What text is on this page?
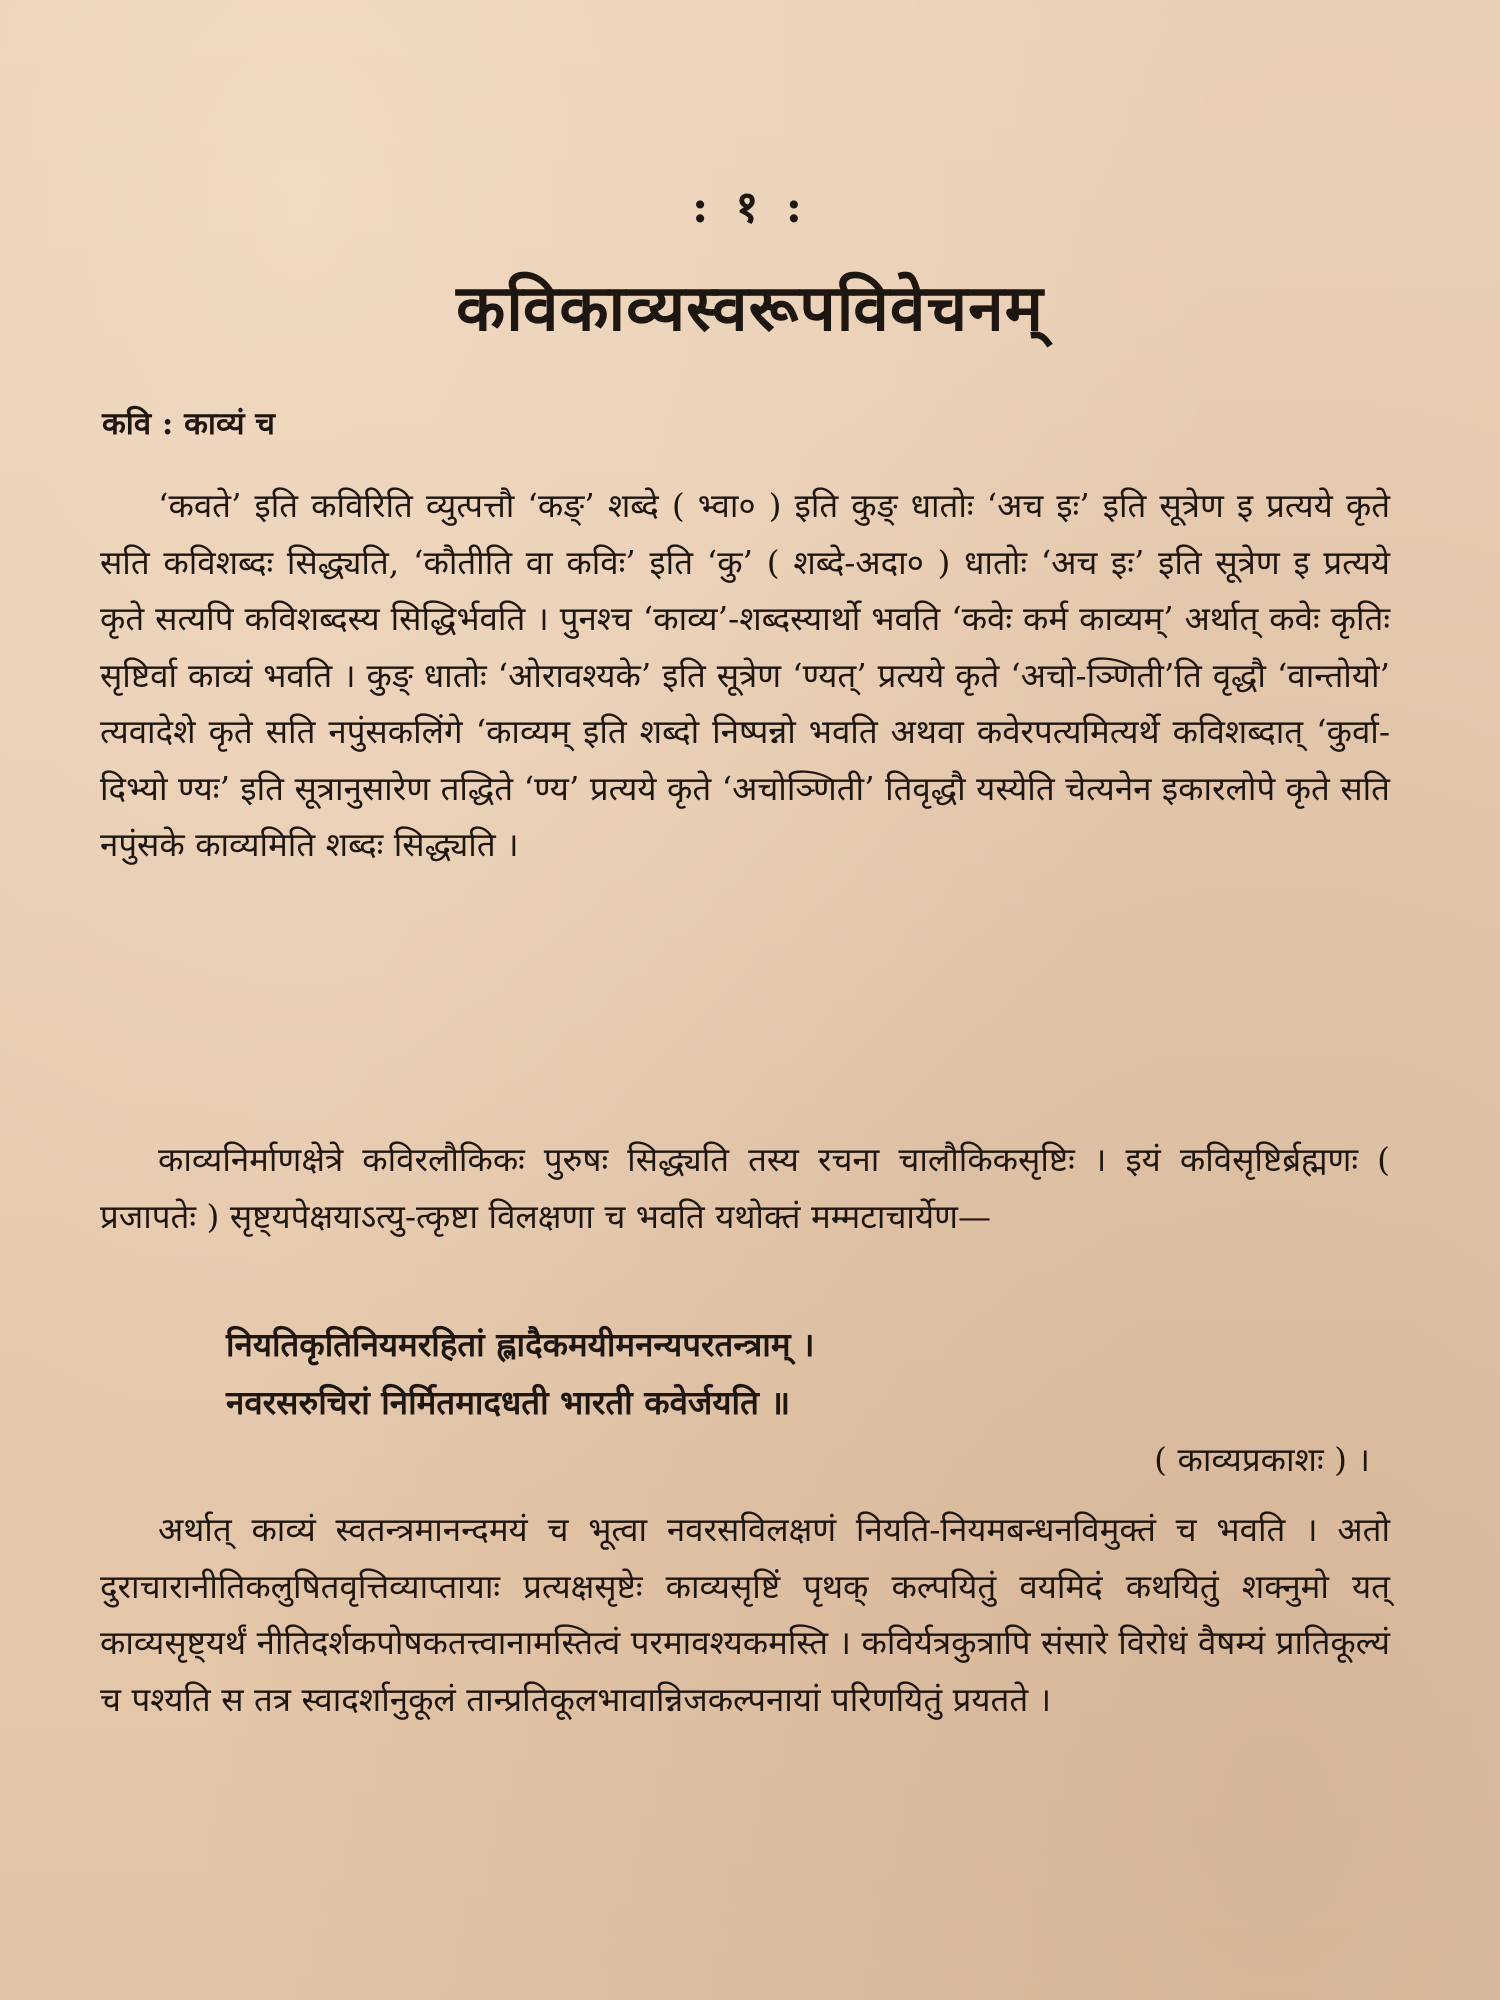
: १ :
कविकाव्यस्वरूपविवेचनम्
कवि : काव्यं च

‘कवते’ इति कविरिति व्युत्पत्तौ ‘कङ्’ शब्दे ( भ्वा० ) इति कुङ् धातोः ‘अच इः’ इति सूत्रेण इ प्रत्यये कृते सति कविशब्दः सिद्ध्यति, ‘कौतीति वा कविः’ इति ‘कु’ ( शब्दे-अदा० ) धातोः ‘अच इः’ इति सूत्रेण इ प्रत्यये कृते सत्यपि कविशब्दस्य सिद्धिर्भवति । पुनश्च ‘काव्य’-शब्दस्यार्थो भवति ‘कवेः कर्म काव्यम्’ अर्थात् कवेः कृतिः सृष्टिर्वा काव्यं भवति । कुङ् धातोः ‘ओरावश्यके’ इति सूत्रेण ‘ण्यत्’ प्रत्यये कृते ‘अचो-ञ्णिती’ति वृद्धौ ‘वान्तोयो’ त्यवादेशे कृते सति नपुंसकलिंगे ‘काव्यम् इति शब्दो निष्पन्नो भवति अथवा कवेरपत्यमित्यर्थे कविशब्दात् ‘कुर्वा-दिभ्यो ण्यः’ इति सूत्रानुसारेण तद्धिते ‘ण्य’ प्रत्यये कृते ‘अचोञ्णिती’ तिवृद्धौ यस्येति चेत्यनेन इकारलोपे कृते सति नपुंसके काव्यमिति शब्दः सिद्ध्यति ।

काव्यनिर्माणक्षेत्रे कविरलौकिकः पुरुषः सिद्ध्यति तस्य रचना चालौकिकसृष्टिः । इयं कविसृष्टिर्ब्रह्मणः ( प्रजापतेः ) सृष्ट्यपेक्षयाऽत्यु-त्कृष्टा विलक्षणा च भवति यथोक्तं मम्मटाचार्येण—

नियतिकृतिनियमरहितां ह्लादैकमयीमनन्यपरतन्त्राम् ।
नवरसरुचिरां निर्मितमादधती भारती कवेर्जयति ॥
( काव्यप्रकाशः ) ।

अर्थात् काव्यं स्वतन्त्रमानन्दमयं च भूत्वा नवरसविलक्षणं नियति-नियमबन्धनविमुक्तं च भवति । अतो दुराचारानीतिकलुषितवृत्तिव्याप्तायाः प्रत्यक्षसृष्टेः काव्यसृष्टिं पृथक् कल्पयितुं वयमिदं कथयितुं शक्नुमो यत् काव्यसृष्ट्यर्थं नीतिदर्शकपोषकतत्त्वानामस्तित्वं परमावश्यकमस्ति । कविर्यत्रकुत्रापि संसारे विरोधं वैषम्यं प्रातिकूल्यं च पश्यति स तत्र स्वादर्शानुकूलं तान्प्रतिकूलभावान्निजकल्पनायां परिणयितुं प्रयतते ।
